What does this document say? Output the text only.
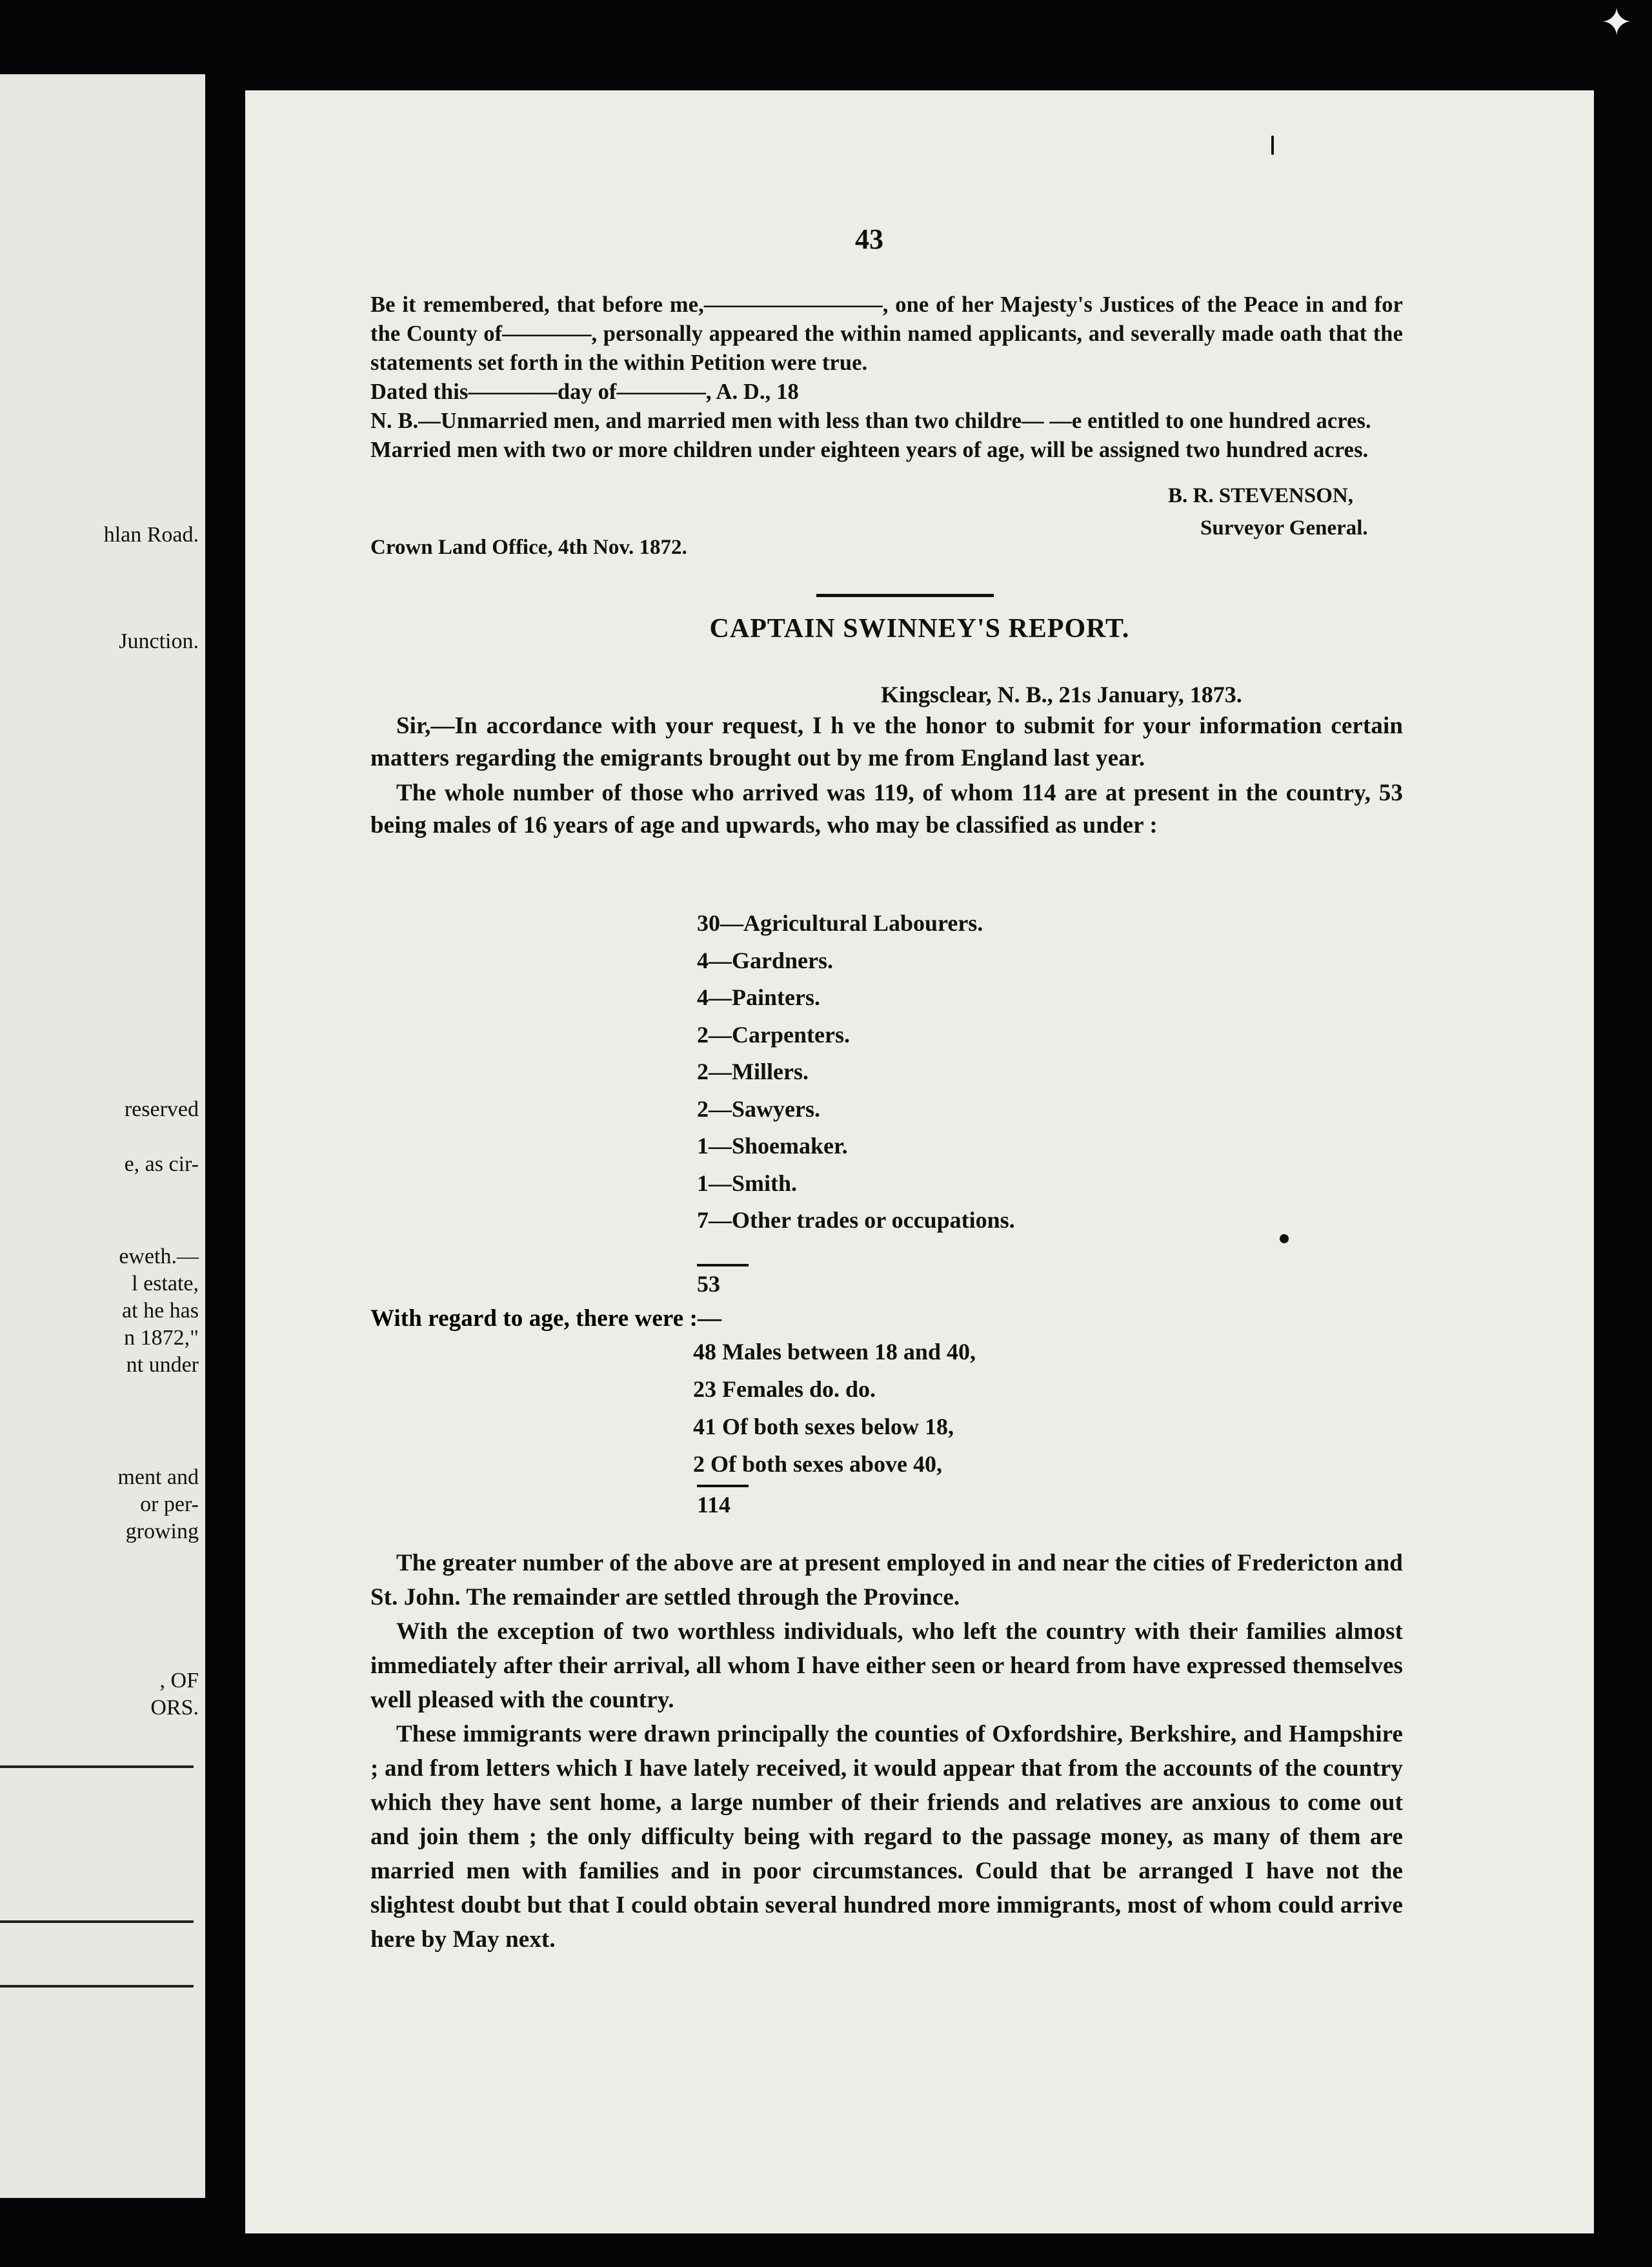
hlan Road.
Junction.
reserved
e, as cir-
eweth.—
l estate,
at he has
n 1872,"
nt under
ment and
or per-
growing
, OF
ORS.
43

Be it remembered, that before me,————————, one of her Majesty's Justices of the Peace in and for the County of————, personally appeared the within named applicants, and severally made oath that the statements set forth in the within Petition were true.

Dated this————day of————, A. D., 18

N. B.—Unmarried men, and married men with less than two childre— —e entitled to one hundred acres.

Married men with two or more children under eighteen years of age, will be assigned two hundred acres.

B. R. STEVENSON,
Surveyor General.
Crown Land Office, 4th Nov. 1872.
CAPTAIN SWINNEY'S REPORT.
Kingsclear, N. B., 21s January, 1873.

Sir,—In accordance with your request, I h ve the honor to submit for your information certain matters regarding the emigrants brought out by me from England last year.

The whole number of those who arrived was 119, of whom 114 are at present in the country, 53 being males of 16 years of age and upwards, who may be classified as under :

30—Agricultural Labourers.
4—Gardners.
4—Painters.
2—Carpenters.
2—Millers.
2—Sawyers.
1—Shoemaker.
1—Smith.
7—Other trades or occupations.
53
With regard to age, there were :—
48 Males between 18 and 40,
23 Females do. do.
41 Of both sexes below 18,
2 Of both sexes above 40,
114

The greater number of the above are at present employed in and near the cities of Fredericton and St. John. The remainder are settled through the Province.

With the exception of two worthless individuals, who left the country with their families almost immediately after their arrival, all whom I have either seen or heard from have expressed themselves well pleased with the country.

These immigrants were drawn principally the counties of Oxfordshire, Berkshire, and Hampshire ; and from letters which I have lately received, it would appear that from the accounts of the country which they have sent home, a large number of their friends and relatives are anxious to come out and join them ; the only difficulty being with regard to the passage money, as many of them are married men with families and in poor circumstances. Could that be arranged I have not the slightest doubt but that I could obtain several hundred more immigrants, most of whom could arrive here by May next.

✦
